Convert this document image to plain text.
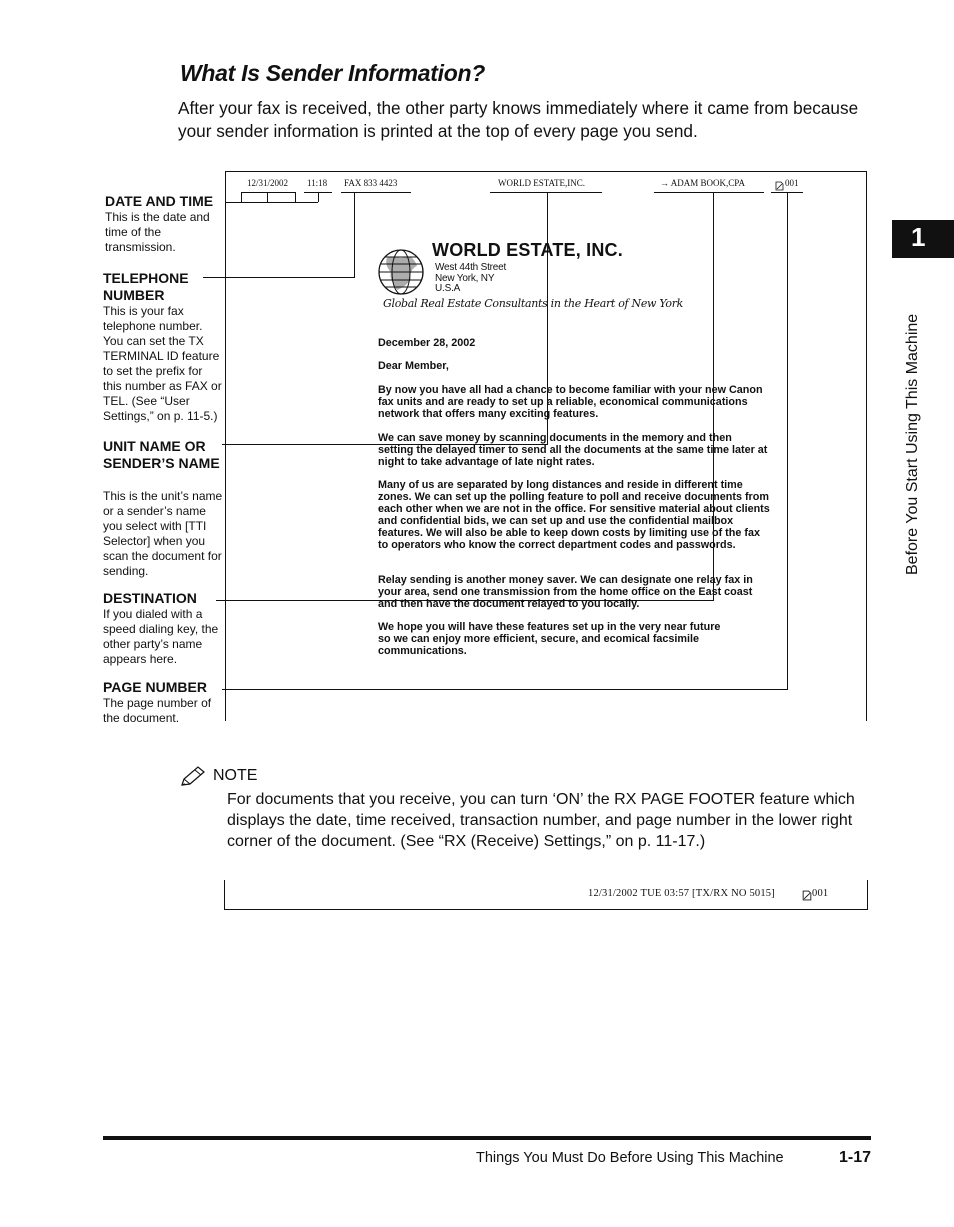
What Is Sender Information?

After your fax is received, the other party knows immediately where it came from because your sender information is printed at the top of every page you send.

12/31/2002 11:18 FAX 833 4423	WORLD ESTATE,INC.	→ ADAM BOOK,CPA	001
DATE AND TIME
This is the date and time of the transmission.
TELEPHONE NUMBER
This is your fax telephone number. You can set the TX TERMINAL ID feature to set the prefix for this number as FAX or TEL. (See “User Settings,” on p. 11-5.)
UNIT NAME OR SENDER’S NAME
This is the unit’s name or a sender’s name you select with [TTI Selector] when you scan the document for sending.
DESTINATION
If you dialed with a speed dialing key, the other party’s name appears here.
PAGE NUMBER
The page number of the document.
WORLD ESTATE, INC.
West 44th Street
New York, NY
U.S.A
Global Real Estate Consultants in the Heart of New York
December 28, 2002
Dear Member,
By now you have all had a chance to become familiar with your new Canon fax units and are ready to set up a reliable, economical communications network that offers many exciting features.
We can save money by scanning documents in the memory and then setting the delayed timer to send all the documents at the same time later at night to take advantage of late night rates.
Many of us are separated by long distances and reside in different time zones. We can set up the polling feature to poll and receive documents from each other when we are not in the office. For sensitive material about clients and confidential bids, we can set up and use the confidential mailbox features. We will also be able to keep down costs by limiting use of the fax to operators who know the correct department codes and passwords.
Relay sending is another money saver. We can designate one relay fax in your area, send one transmission from the home office on the East coast and then have the document relayed to you locally.
We hope you will have these features set up in the very near future so we can enjoy more efficient, secure, and ecomical facsimile communications.
NOTE

For documents that you receive, you can turn ‘ON’ the RX PAGE FOOTER feature which displays the date, time received, transaction number, and page number in the lower right corner of the document. (See “RX (Receive) Settings,” on p. 11-17.)

12/31/2002 TUE 03:57 [TX/RX NO 5015]	001
1
Before You Start Using This Machine
Things You Must Do Before Using This Machine	1-17
